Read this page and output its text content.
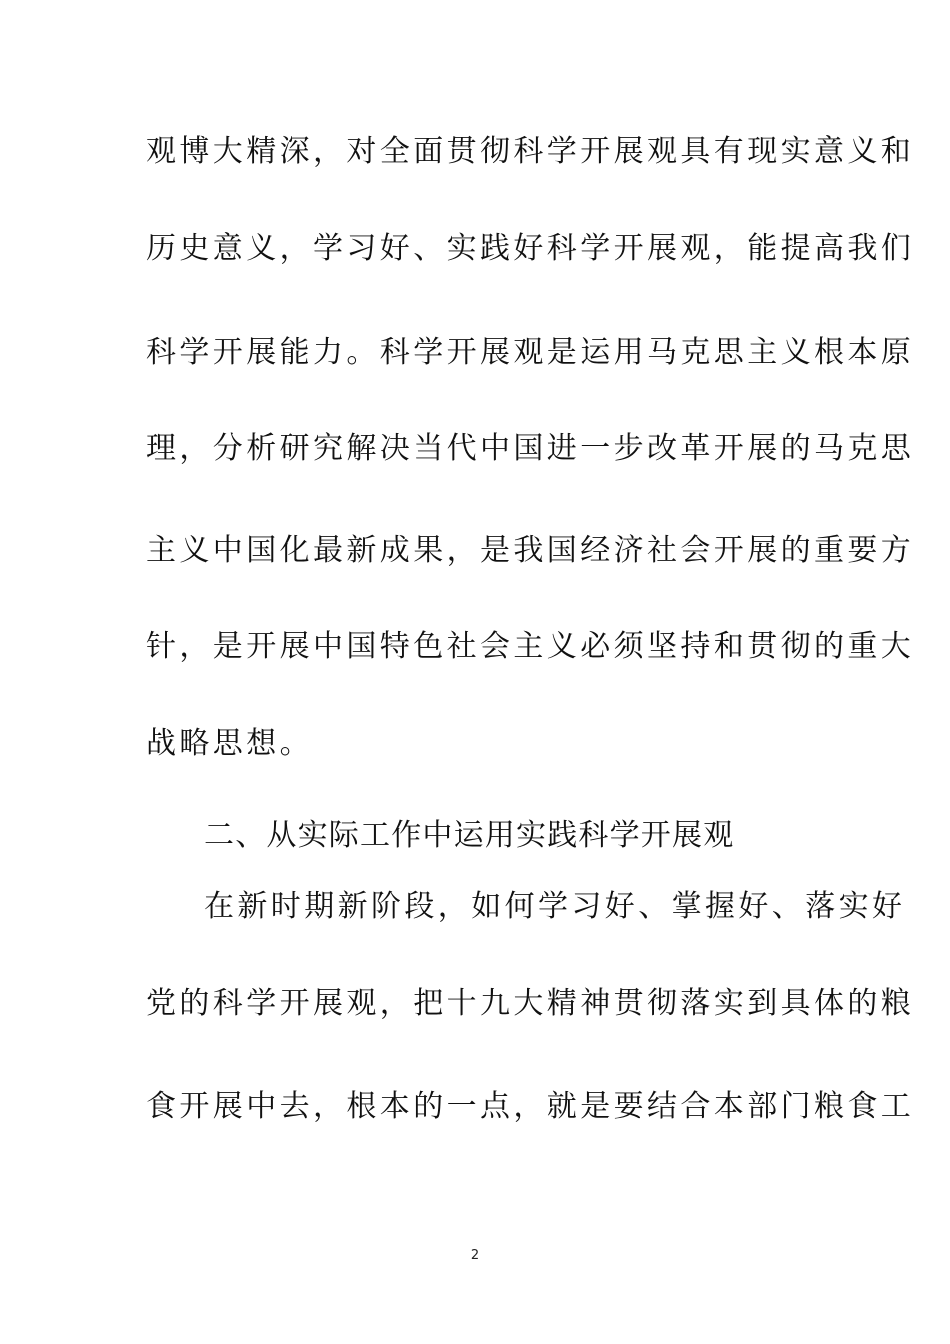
观博大精深，对全面贯彻科学开展观具有现实意义和
历史意义，学习好、实践好科学开展观，能提高我们
科学开展能力。科学开展观是运用马克思主义根本原
理，分析研究解决当代中国进一步改革开展的马克思
主义中国化最新成果，是我国经济社会开展的重要方
针，是开展中国特色社会主义必须坚持和贯彻的重大
战略思想。
二、从实际工作中运用实践科学开展观
在新时期新阶段，如何学习好、掌握好、落实好
党的科学开展观，把十九大精神贯彻落实到具体的粮
食开展中去，根本的一点，就是要结合本部门粮食工
2
